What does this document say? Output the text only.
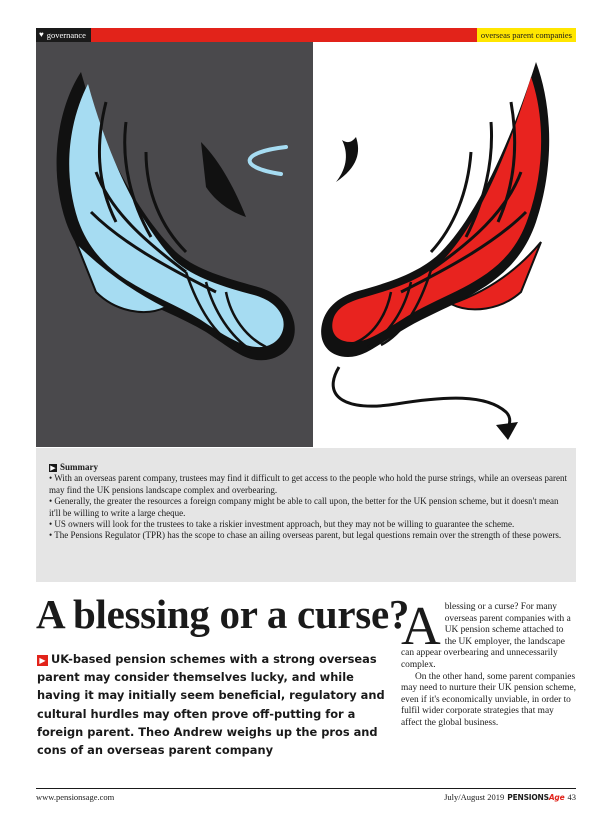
♥ governance	overseas parent companies
▶ Summary

• With an overseas parent company, trustees may find it difficult to get access to the people who hold the purse strings, while an overseas parent may find the UK pensions landscape complex and overbearing.

• Generally, the greater the resources a foreign company might be able to call upon, the better for the UK pension scheme, but it doesn't mean it'll be willing to write a large cheque.

• US owners will look for the trustees to take a riskier investment approach, but they may not be willing to guarantee the scheme.

• The Pensions Regulator (TPR) has the scope to chase an ailing overseas parent, but legal questions remain over the strength of these powers.

A blessing or a curse?

▶ UK-based pension schemes with a strong overseas parent may consider themselves lucky, and while having it may initially seem beneficial, regulatory and cultural hurdles may often prove off-putting for a foreign parent. Theo Andrew weighs up the pros and cons of an overseas parent company

A blessing or a curse? For many overseas parent companies with a UK pension scheme attached to the UK employer, the landscape can appear overbearing and unnecessarily complex.

On the other hand, some parent companies may need to nurture their UK pension scheme, even if it's economically unviable, in order to fulfil wider corporate strategies that may affect the global business.

www.pensionsage.com	July/August 2019 PENSIONSAge 43
